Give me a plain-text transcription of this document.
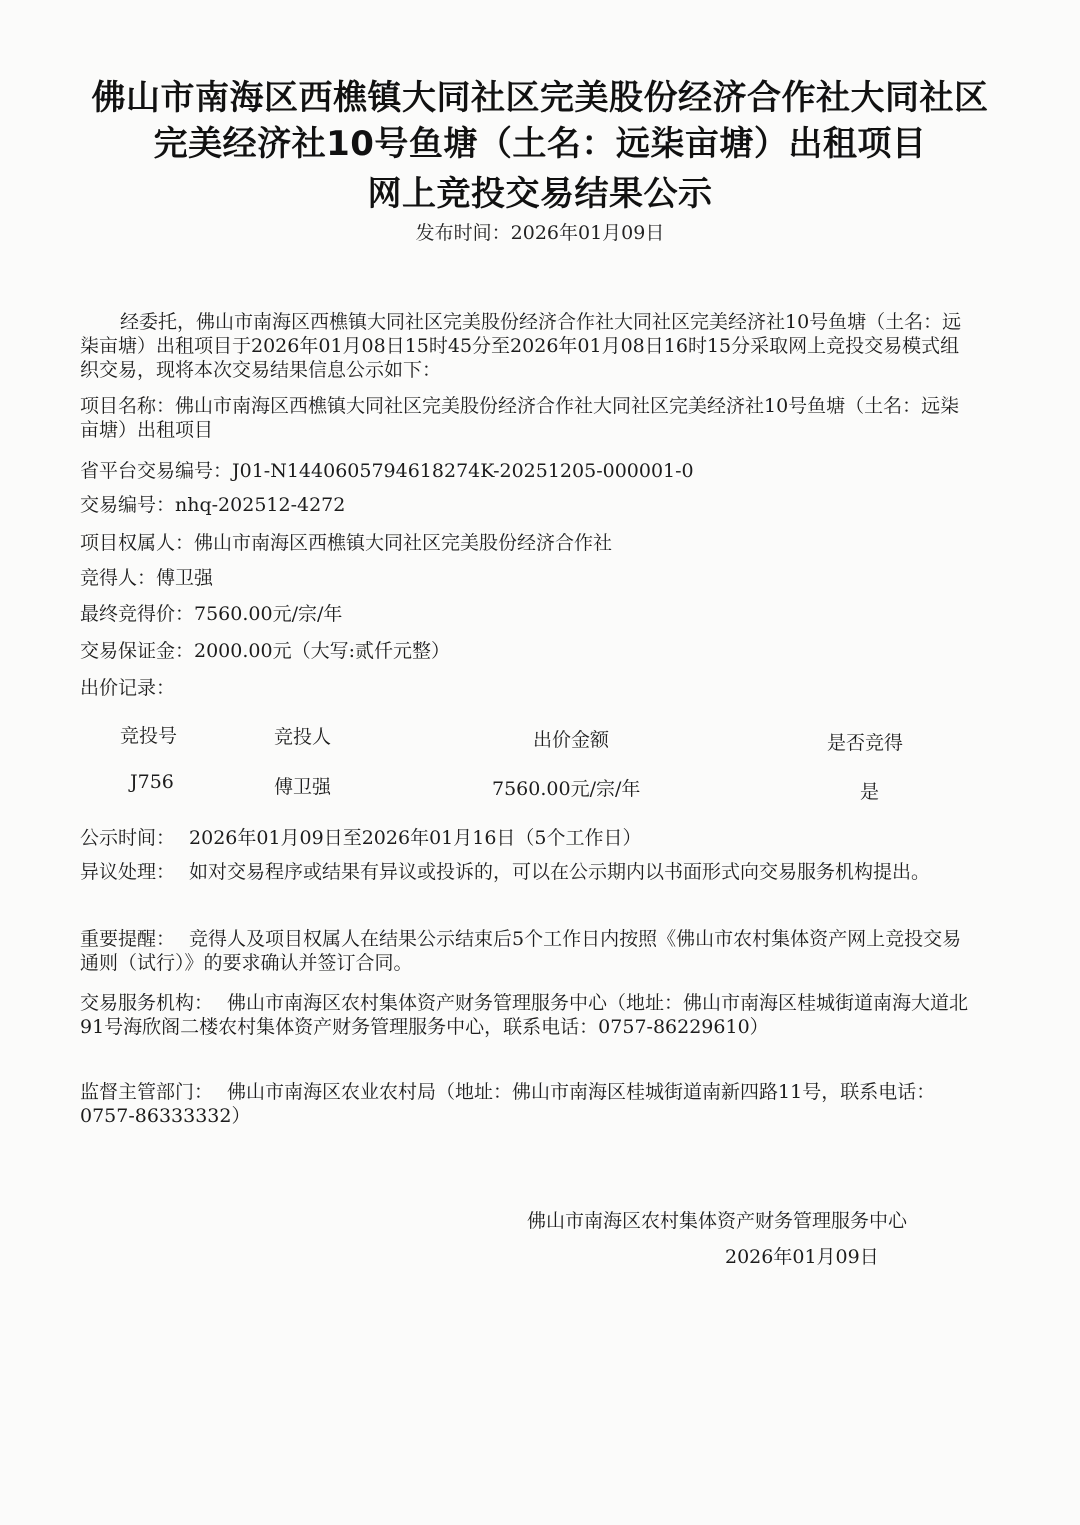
佛山市南海区西樵镇大同社区完美股份经济合作社大同社区
完美经济社10号鱼塘（土名：远柒亩塘）出租项目
网上竞投交易结果公示
发布时间：2026年01月09日
经委托，佛山市南海区西樵镇大同社区完美股份经济合作社大同社区完美经济社10号鱼塘（土名：远柒亩塘）出租项目于2026年01月08日15时45分至2026年01月08日16时15分采取网上竞投交易模式组织交易，现将本次交易结果信息公示如下：
项目名称：佛山市南海区西樵镇大同社区完美股份经济合作社大同社区完美经济社10号鱼塘（土名：远柒亩塘）出租项目
省平台交易编号：J01-N1440605794618274K-20251205-000001-0
交易编号：nhq-202512-4272
项目权属人：佛山市南海区西樵镇大同社区完美股份经济合作社
竞得人：傅卫强
最终竞得价：7560.00元/宗/年
交易保证金：2000.00元（大写:贰仟元整）
出价记录：
竞投号	竞投人	出价金额	是否竞得
J756	傅卫强	7560.00元/宗/年	是
公示时间： 2026年01月09日至2026年01月16日（5个工作日）
异议处理： 如对交易程序或结果有异议或投诉的，可以在公示期内以书面形式向交易服务机构提出。
重要提醒： 竞得人及项目权属人在结果公示结束后5个工作日内按照《佛山市农村集体资产网上竞投交易通则（试行）》的要求确认并签订合同。
交易服务机构： 佛山市南海区农村集体资产财务管理服务中心（地址：佛山市南海区桂城街道南海大道北91号海欣阁二楼农村集体资产财务管理服务中心，联系电话：0757-86229610）
监督主管部门： 佛山市南海区农业农村局（地址：佛山市南海区桂城街道南新四路11号，联系电话：0757-86333332）
佛山市南海区农村集体资产财务管理服务中心
2026年01月09日
